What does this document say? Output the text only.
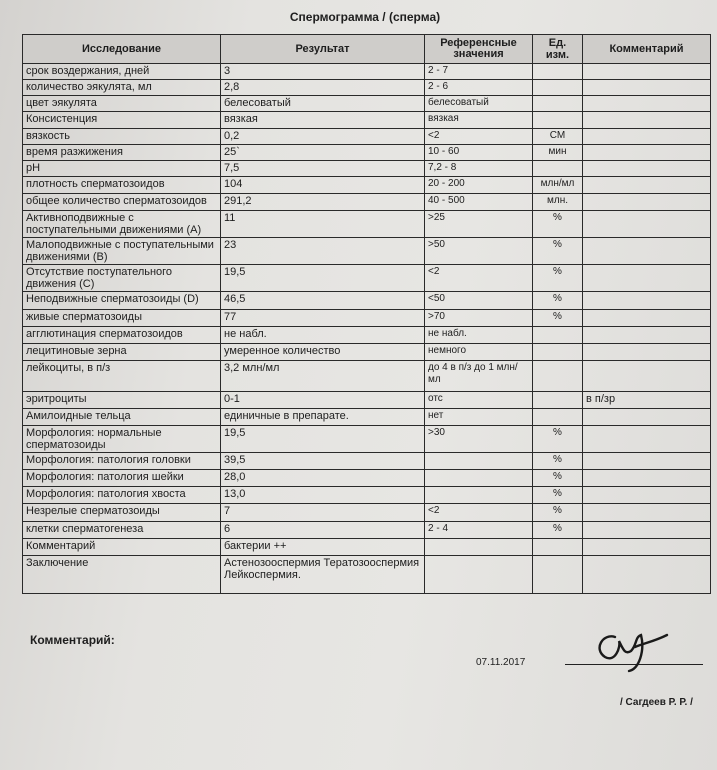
Спермограмма / (сперма)
Исследование	Результат	Референсные значения	Ед. изм.	Комментарий
срок воздержания, дней	3	2 - 7		
количество эякулята, мл	2,8	2 - 6		
цвет эякулята	белесоватый	белесоватый		
Консистенция	вязкая	вязкая		
вязкость	0,2	<2	СМ	
время разжижения	25`	10 - 60	мин	
pH	7,5	7,2 - 8		
плотность сперматозоидов	104	20 - 200	млн/мл	
общее количество сперматозоидов	291,2	40 - 500	млн.	
Активноподвижные с поступательными движениями (A)	11	>25	%	
Малоподвижные с поступательными движениями (B)	23	>50	%	
Отсутствие поступательного движения (С)	19,5	<2	%	
Неподвижные сперматозоиды (D)	46,5	<50	%	
живые сперматозоиды	77	>70	%	
агглютинация сперматозоидов	не набл.	не набл.		
лецитиновые зерна	умеренное количество	немного		
лейкоциты, в п/з	3,2 млн/мл	до 4 в п/з до 1 млн/мл		
эритроциты	0-1	отс		в п/зр
Амилоидные тельца	единичные в препарате.	нет		
Морфология: нормальные сперматозоиды	19,5	>30	%	
Морфология: патология головки	39,5		%	
Морфология: патология шейки	28,0		%	
Морфология: патология хвоста	13,0		%	
Незрелые сперматозоиды	7	<2	%	
клетки сперматогенеза	6	2 - 4	%	
Комментарий	бактерии ++			
Заключение	Астенозооспермия Тератозооспермия Лейкоспермия.			
Комментарий:
07.11.2017
/ Сагдеев Р. Р. /
